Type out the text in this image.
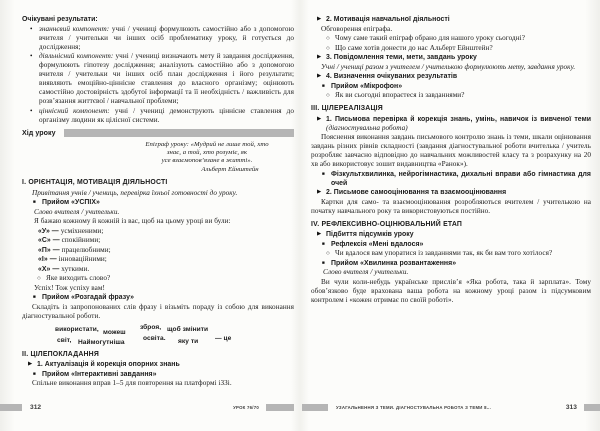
Очікувані результати:
• знаннєвий компонент: учні / учениці формулюють самостійно або з допомогою вчителя / учительки чи інших осіб проблематику уроку, й готується до дослідження;
• діяльнісний компонент: учні / учениці визначають мету й завдання дослідження, формулюють гіпотезу дослідження; аналізують самостійно або з допомогою вчителя / учительки чи інших осіб план дослідження і його результати; виявляють емоційно-ціннісне ставлення до власного організму; оцінюють самостійно достовірність здобутої інформації та її необхідність / важливість для розв’язання життєвої / навчальної проблеми;
• ціннісний компонент: учні / учениці демонструють ціннісне ставлення до організму людини як цілісної системи.
Хід уроку
Епіграф уроку: «Мудрий не лише той, хто
знає, а той, хто розуміє, як
усе взаємопов’язане в житті».
Альберт Ейнштейн
І. ОРІЄНТАЦІЯ, МОТИВАЦІЯ ДІЯЛЬНОСТІ
Привітання учнів / учениць, перевірка їхньої готовності до уроку.
■ Прийом «УСПІХ»
Слово вчителя / учительки.
Я бажаю кожному й кожній із вас, щоб на цьому уроці ви були:
«У» — усміхненими;
«С» — спокійними;
«П» — працелюбними;
«І» — інноваційними;
«Х» — хуткими.
○ Яке виходить слово?
Успіх! Тож успіху вам!
■ Прийом «Розгадай фразу»
Складіть із запропонованих слів фразу і візьміть пораду із собою для виконання діагностувальної роботи.
використати, можеш
зброя, щоб змінити
світ, Наймогутніша
освіта. яку ти	— це
ІІ. ЦІЛЕПОКЛАДАННЯ
▶ 1. Актуалізація й корекція опорних знань
■ Прийом «Інтерактивні завдання»
Спільне виконання вправ 1–5 для повторення на платформі іЗЗі.
312	УРОК 76/70
▶ 2. Мотивація навчальної діяльності
Обговорення епіграфа.
○ Чому саме такий епіграф обрано для нашого уроку сьогодні?
○ Що саме хотів донести до нас Альберт Ейнштейн?
▶ 3. Повідомлення теми, мети, завдань уроку
Учні / учениці разом з учителем / учителькою формулюють мету, завдання уроку.
▶ 4. Визначення очікуваних результатів
■ Прийом «Мікрофон»
○ Як ви сьогодні впораєтеся із завданнями?
ІІІ. ЦІЛЕРЕАЛІЗАЦІЯ
▶ 1. Письмова перевірка й корекція знань, умінь, навичок із вивченої теми (діагностувальна робота)
Пояснення виконання завдань письмового контролю знань із теми, шкали оцінювання завдань різних рівнів складності (завдання діагностувальної роботи вчителька / учитель розробляє завчасно відповідно до навчальних можливостей класу та з розрахунку на 20 хв або використовує зошит видавництва «Ранок»).
■ Фізкультхвилинка, нейрогімнастика, дихальні вправи або гімнастика для очей
▶ 2. Письмове самооцінювання та взаємооцінювання
Картки для само- та взаємооцінювання розробляються вчителем / учителькою на початку навчального року та використовуються постійно.
IV. РЕФЛЕКСИВНО-ОЦІНЮВАЛЬНИЙ ЕТАП
▶ Підбиття підсумків уроку
■ Рефлексія «Мені вдалося»
○ Чи вдалося вам упоратися із завданнями так, як би вам того хотілося?
■ Прийом «Хвилинка розвантаження»
Слово вчителя / учительки.
Ви чули коли-небудь українське прислів’я «Яка робота, така й зарплата». Тому обов’язково буде врахована ваша робота на кожному уроці разом із підсумковим контролем і «кожен отримає по своїй роботі».
УЗАГАЛЬНЕННЯ З ТЕМИ. ДІАГНОСТУВАЛЬНА РОБОТА З ТЕМИ 8...	313
